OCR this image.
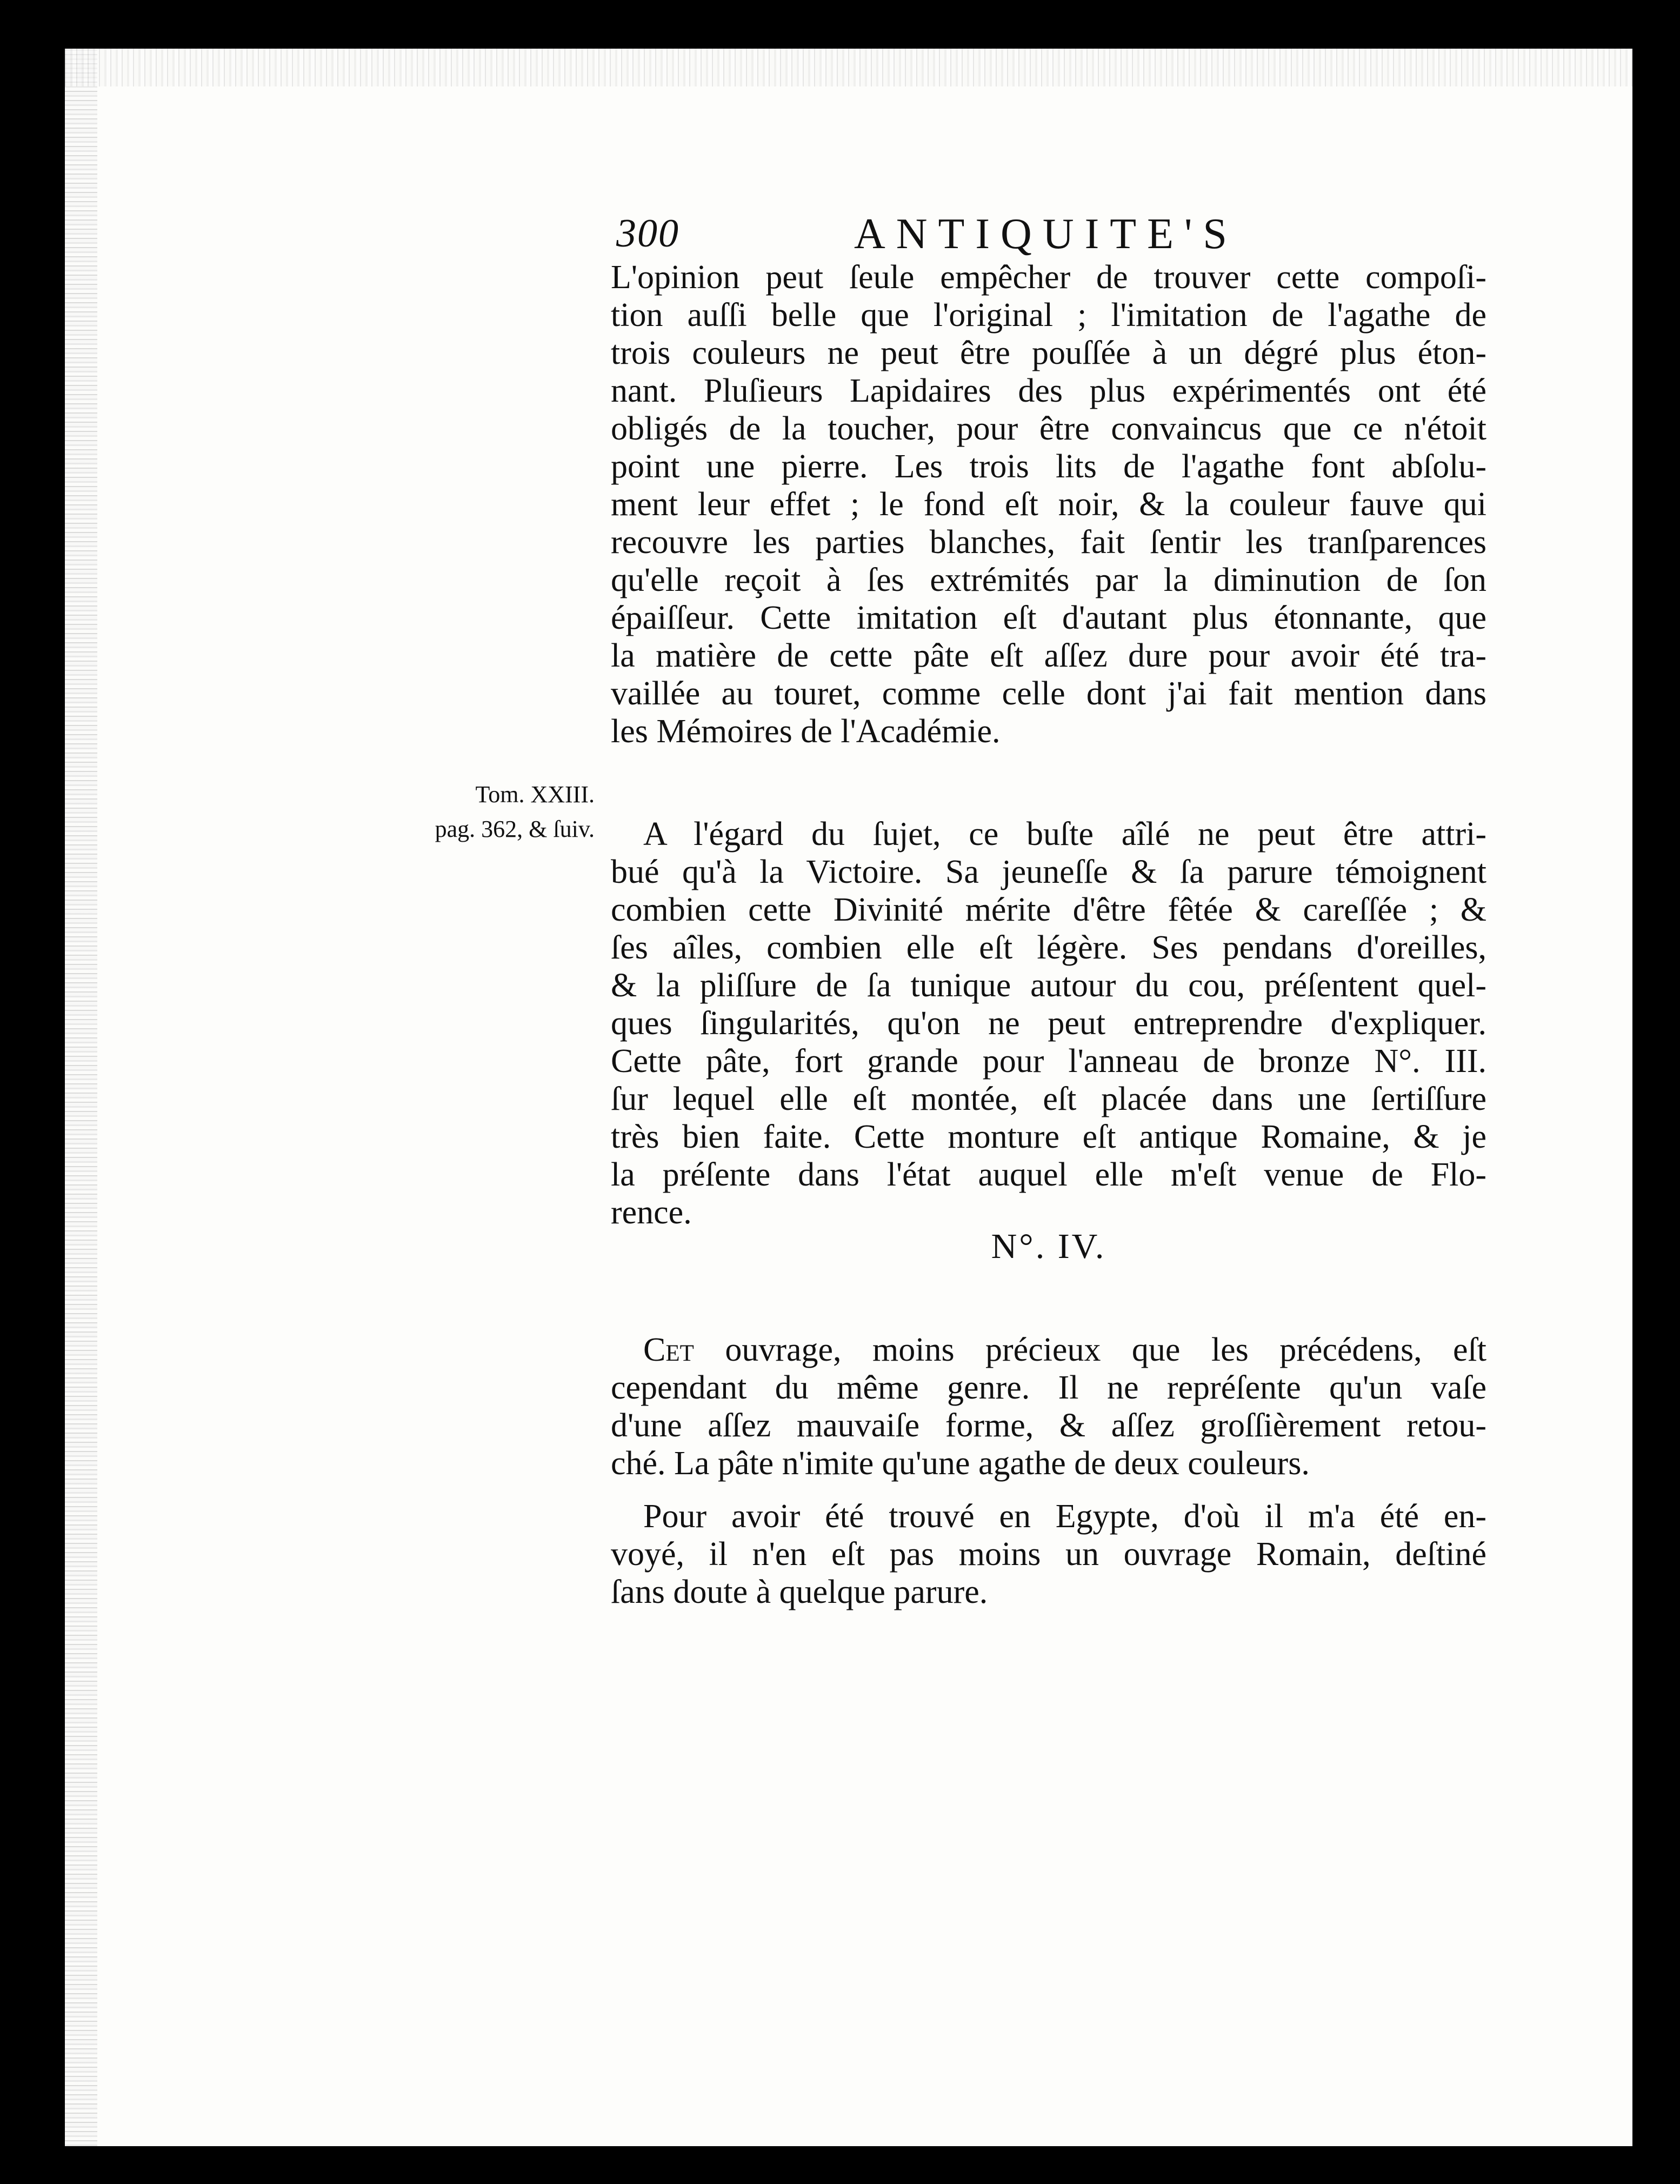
300	ANTIQUITE'S
L'opinion peut ſeule empêcher de trouver cette compoſi-
tion auſſi belle que l'original ; l'imitation de l'agathe de
trois couleurs ne peut être pouſſée à un dégré plus éton-
nant. Pluſieurs Lapidaires des plus expérimentés ont été
obligés de la toucher, pour être convaincus que ce n'étoit
point une pierre. Les trois lits de l'agathe font abſolu-
ment leur effet ; le fond eſt noir, & la couleur fauve qui
recouvre les parties blanches, fait ſentir les tranſparences
qu'elle reçoit à ſes extrémités par la diminution de ſon
épaiſſeur. Cette imitation eſt d'autant plus étonnante, que
la matière de cette pâte eſt aſſez dure pour avoir été tra-
vaillée au touret, comme celle dont j'ai fait mention dans
les Mémoires de l'Académie.
Tom. XXIII.
pag. 362, & ſuiv.	A l'égard du ſujet, ce buſte aîlé ne peut être attri-
bué qu'à la Victoire. Sa jeuneſſe & ſa parure témoignent
combien cette Divinité mérite d'être fêtée & careſſée ; &
ſes aîles, combien elle eſt légère. Ses pendans d'oreilles,
& la pliſſure de ſa tunique autour du cou, préſentent quel-
ques ſingularités, qu'on ne peut entreprendre d'expliquer.
Cette pâte, fort grande pour l'anneau de bronze N°. III.
ſur lequel elle eſt montée, eſt placée dans une ſertiſſure
très bien faite. Cette monture eſt antique Romaine, & je
la préſente dans l'état auquel elle m'eſt venue de Flo-
rence.
N°. IV.
Cet ouvrage, moins précieux que les précédens, eſt
cependant du même genre. Il ne repréſente qu'un vaſe
d'une aſſez mauvaiſe forme, & aſſez groſſièrement retou-
ché. La pâte n'imite qu'une agathe de deux couleurs.
Pour avoir été trouvé en Egypte, d'où il m'a été en-
voyé, il n'en eſt pas moins un ouvrage Romain, deſtiné
ſans doute à quelque parure.
